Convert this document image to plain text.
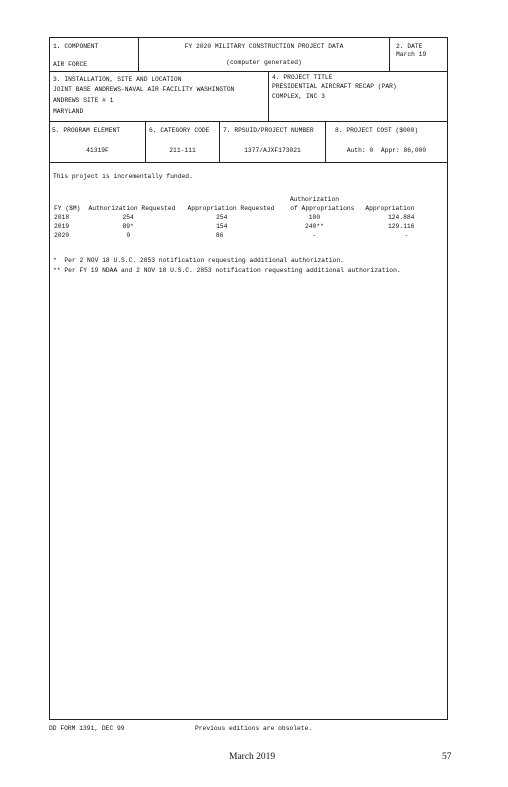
1. COMPONENT
AIR FORCE
FY 2020 MILITARY CONSTRUCTION PROJECT DATA
(computer generated)
2. DATE
March 19
3. INSTALLATION, SITE AND LOCATION
JOINT BASE ANDREWS-NAVAL AIR FACILITY WASHINGTON
ANDREWS SITE # 1
MARYLAND
4. PROJECT TITLE
PRESIDENTIAL AIRCRAFT RECAP (PAR)
COMPLEX, INC 3
5. PROGRAM ELEMENT
41319F
6. CATEGORY CODE
211-111
7. RPSUID/PROJECT NUMBER
1377/AJXF173021
8. PROJECT COST ($000)
Auth: 0  Appr: 86,000
This project is incrementally funded.
			Authorization	
FY ($M)	Authorization Requested	Appropriation Requested	of Appropriations	Appropriation
2018	254	254	100	124.884
2019	89*	154	240**	129.116
2020	0	86	-	-
*  Per 2 NOV 18 U.S.C. 2853 notification requesting additional authorization.
** Per FY 19 NDAA and 2 NOV 18 U.S.C. 2853 notification requesting additional authorization.
DD FORM 1391, DEC 99	Previous editions are obsolete.
March 2019	57
